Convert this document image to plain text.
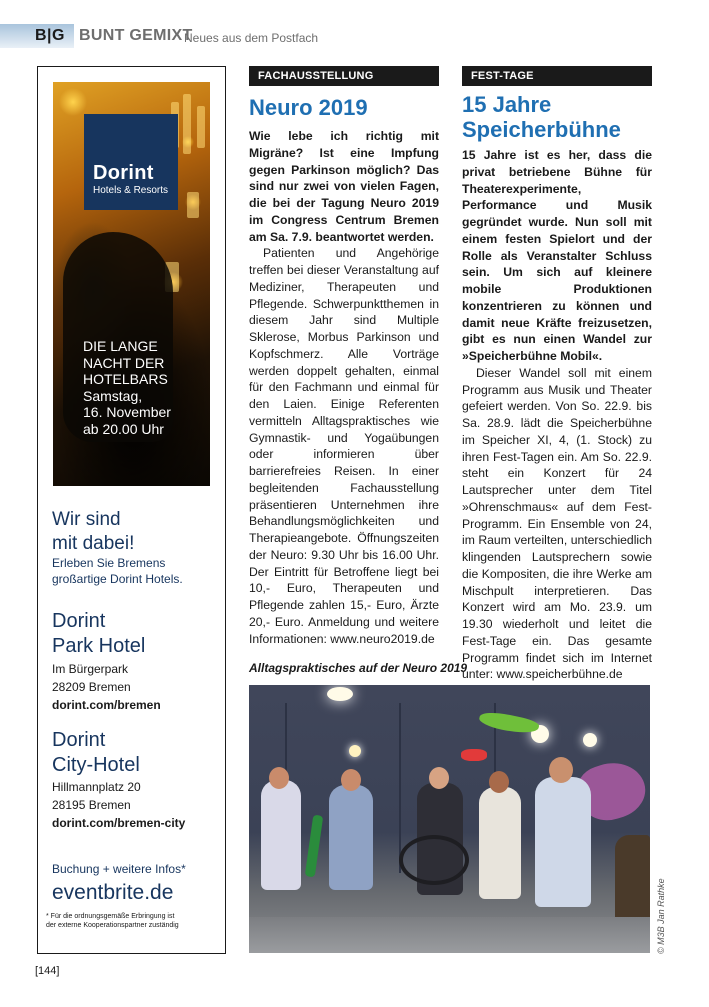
B|G BUNT GEMIXT
Neues aus dem Postfach
Dorint
Hotels & Resorts
DIE LANGE
NACHT DER
HOTELBARS
Samstag,
16. November
ab 20.00 Uhr
Wir sind
mit dabei!
Erleben Sie Bremens
großartige Dorint Hotels.
Dorint
Park Hotel
Im Bürgerpark
28209 Bremen
dorint.com/bremen
Dorint
City-Hotel
Hillmannplatz 20
28195 Bremen
dorint.com/bremen-city
Buchung + weitere Infos*
eventbrite.de
* Für die ordnungsgemäße Erbringung ist
der externe Kooperationspartner zuständig
FACHAUSSTELLUNG
Neuro 2019

Wie lebe ich richtig mit Migräne? Ist eine Impfung gegen Parkinson möglich? Das sind nur zwei von vielen Fagen, die bei der Tagung Neuro 2019 im Congress Centrum Bremen am Sa. 7.9. beantwortet werden.

Patienten und Angehörige treffen bei dieser Veranstaltung auf Mediziner, Therapeuten und Pflegende. Schwerpunktthemen in diesem Jahr sind Multiple Sklerose, Morbus Parkinson und Kopfschmerz. Alle Vorträge werden doppelt gehalten, einmal für den Fachmann und einmal für den Laien. Einige Referenten vermitteln Alltagspraktisches wie Gymnastik- und Yogaübungen oder informieren über barrierefreies Reisen. In einer begleitenden Fachausstellung präsentieren Unternehmen ihre Behandlungsmöglichkeiten und Therapieangebote. Öffnungszeiten der Neuro: 9.30 Uhr bis 16.00 Uhr. Der Eintritt für Betroffene liegt bei 10,- Euro, Therapeuten und Pflegende zahlen 15,- Euro, Ärzte 20,- Euro. Anmeldung und weitere Informationen: www.neuro2019.de

FEST-TAGE
15 Jahre
Speicherbühne

15 Jahre ist es her, dass die privat betriebene Bühne für Theaterexperimente, Performance und Musik gegründet wurde. Nun soll mit einem festen Spielort und der Rolle als Veranstalter Schluss sein. Um sich auf kleinere mobile Produktionen konzentrieren zu können und damit neue Kräfte freizusetzen, gibt es nun einen Wandel zur »Speicherbühne Mobil«.

Dieser Wandel soll mit einem Programm aus Musik und Theater gefeiert werden. Von So. 22.9. bis Sa. 28.9. lädt die Speicherbühne im Speicher XI, 4, (1. Stock) zu ihren Fest-Tagen ein. Am So. 22.9. steht ein Konzert für 24 Lautsprecher unter dem Titel »Ohrenschmaus« auf dem Fest-Programm. Ein Ensemble von 24, im Raum verteilten, unterschiedlich klingenden Lautsprechern sowie die Kompositen, die ihre Werke am Mischpult interpretieren. Das Konzert wird am Mo. 23.9. um 19.30 wiederholt und leitet die Fest-Tage ein. Das gesamte Programm findet sich im Internet unter: www.speicherbühne.de

Alltagspraktisches auf der Neuro 2019
© M3B Jan Rathke
[144]
